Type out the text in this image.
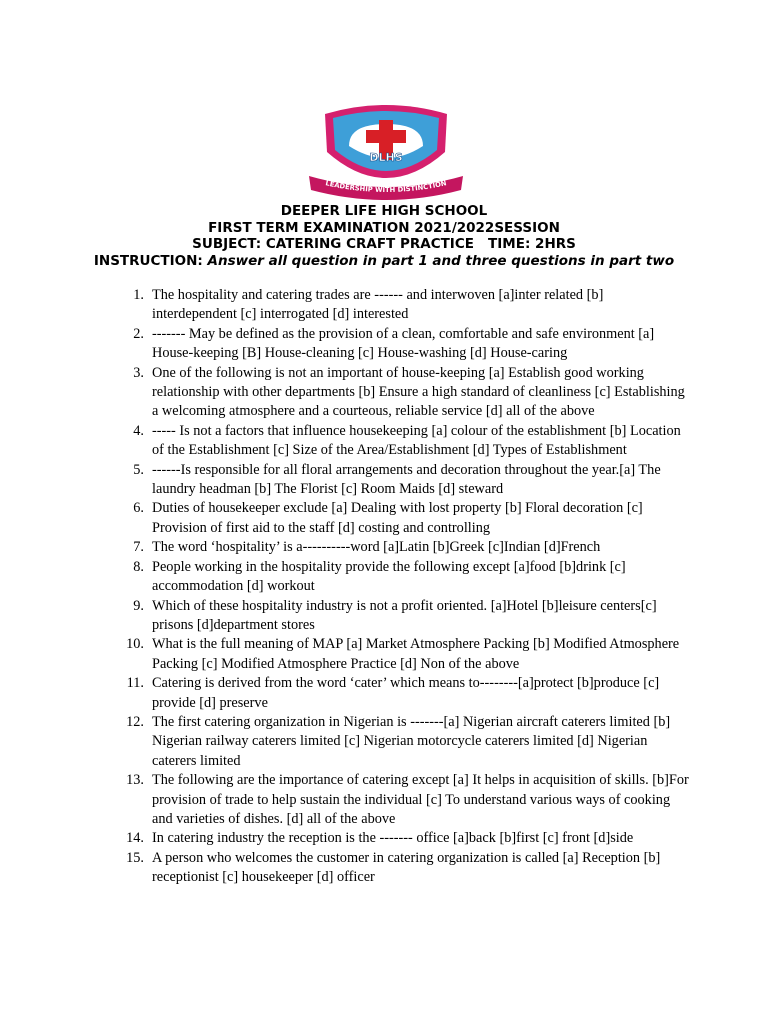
DLHS
LEADERSHIP WITH DISTINCTION
DEEPER LIFE HIGH SCHOOL
FIRST TERM EXAMINATION 2021/2022SESSION
SUBJECT: CATERING CRAFT PRACTICE   TIME: 2HRS
INSTRUCTION: Answer all question in part 1 and three questions in part two
1. The hospitality and catering trades are ------ and interwoven [a]inter related [b] interdependent [c] interrogated [d] interested
2. ------- May be defined as the provision of a clean, comfortable and safe environment [a] House-keeping [B] House-cleaning [c] House-washing [d] House-caring
3. One of the following is not an important of house-keeping [a] Establish good working relationship with other departments [b] Ensure a high standard of cleanliness [c] Establishing a welcoming atmosphere and a courteous, reliable service [d] all of the above
4. ----- Is not a factors that influence housekeeping [a] colour of the establishment [b] Location of the Establishment [c] Size of the Area/Establishment [d] Types of Establishment
5. ------Is responsible for all floral arrangements and decoration throughout the year.[a] The laundry headman [b] The Florist [c] Room Maids [d] steward
6. Duties of housekeeper exclude [a] Dealing with lost property [b] Floral decoration [c] Provision of first aid to the staff [d] costing and controlling
7. The word ‘hospitality’ is a----------word [a]Latin [b]Greek [c]Indian [d]French
8. People working in the hospitality provide the following except [a]food [b]drink [c] accommodation [d] workout
9. Which of these hospitality industry is not a profit oriented. [a]Hotel [b]leisure centers[c] prisons [d]department stores
10. What is the full meaning of MAP [a] Market Atmosphere Packing [b] Modified Atmosphere Packing [c] Modified Atmosphere Practice [d] Non of the above
11. Catering is derived from the word ‘cater’ which means to--------[a]protect [b]produce [c] provide [d] preserve
12. The first catering organization in Nigerian is -------[a] Nigerian aircraft caterers limited [b] Nigerian railway caterers limited [c] Nigerian motorcycle caterers limited [d] Nigerian caterers limited
13. The following are the importance of catering except [a] It helps in acquisition of skills. [b]For provision of trade to help sustain the individual [c] To understand various ways of cooking and varieties of dishes. [d] all of the above
14. In catering industry the reception is the ------- office [a]back [b]first [c] front [d]side
15. A person who welcomes the customer in catering organization is called [a] Reception [b] receptionist [c] housekeeper [d] officer
